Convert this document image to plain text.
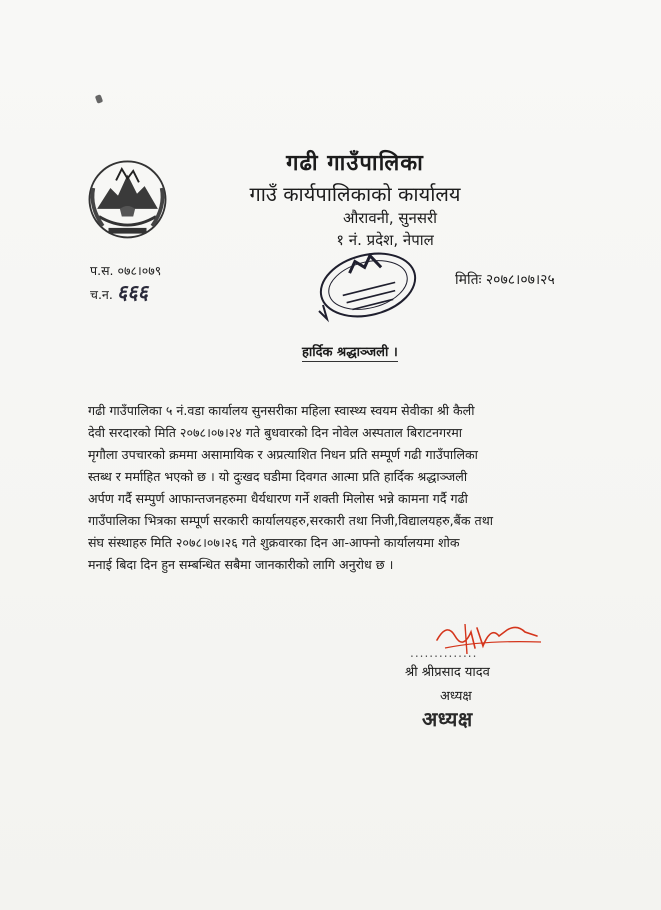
गढी गाउँपालिका
गाउँ कार्यपालिकाको कार्यालय
औरावनी, सुनसरी
१ नं. प्रदेश, नेपाल
प.स. ०७८।०७९
च.न. ६६६	मितिः २०७८।०७।२५
हार्दिक श्रद्धाञ्जली ।

गढी गाउँपालिका ५ नं.वडा कार्यालय सुनसरीका महिला स्वास्थ्य स्वयम सेवीका श्री कैली

देवी सरदारको मिति २०७८।०७।२४ गते बुधवारको दिन नोवेल अस्पताल बिराटनगरमा

मृगौला उपचारको क्रममा असामायिक र अप्रत्याशित निधन प्रति सम्पूर्ण गढी गाउँपालिका

स्तब्ध र मर्माहित भएको छ । यो दुःखद घडीमा दिवगत आत्मा प्रति हार्दिक श्रद्धाञ्जली

अर्पण गर्दै सम्पुर्ण आफान्तजनहरुमा धैर्यधारण गर्ने शक्ती मिलोस भन्ने कामना गर्दै गढी

गाउँपालिका भित्रका सम्पूर्ण सरकारी कार्यालयहरु,सरकारी तथा निजी,विद्यालयहरु,बैंक तथा

संघ संस्थाहरु मिति २०७८।०७।२६ गते शुक्रवारका दिन आ-आफ्नो कार्यालयमा शोक

मनाई बिदा दिन हुन सम्बन्धित सबैमा जानकारीको लागि अनुरोध छ ।

..............
श्री श्रीप्रसाद यादव
अध्यक्ष
अध्यक्ष
